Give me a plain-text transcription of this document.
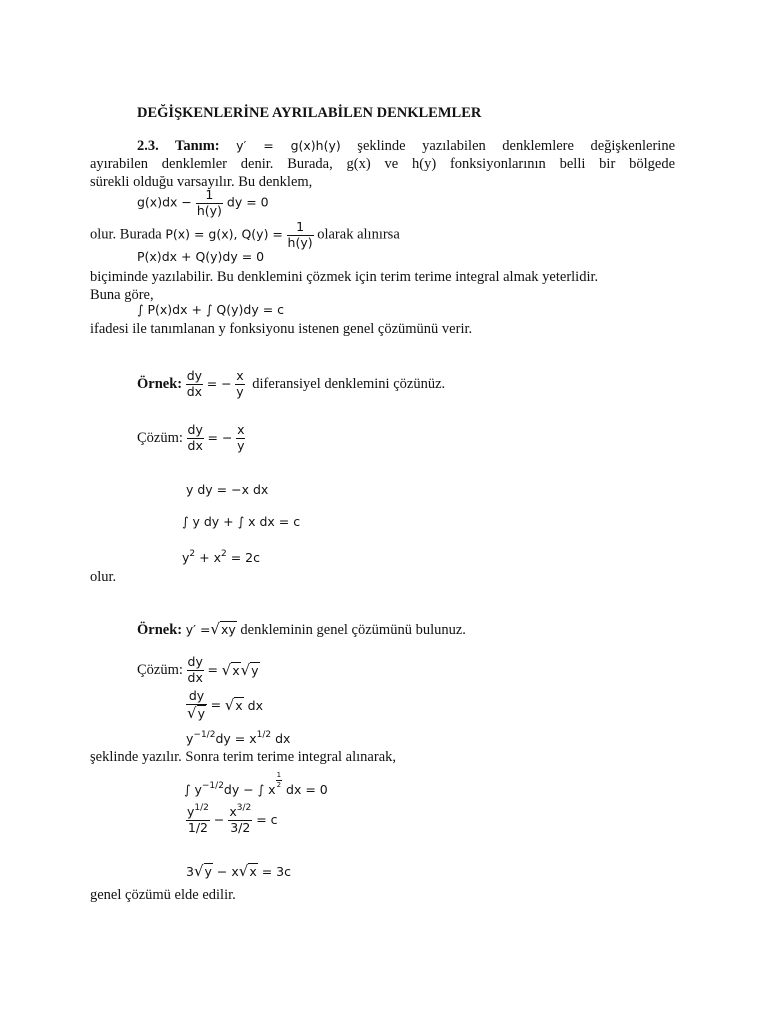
DEĞİŞKENLERİNE AYRILABİLEN DENKLEMLER
2.3. Tanım: y′ = g(x)h(y) şeklinde yazılabilen denklemlere değişkenlerine
ayırabilen denklemler denir. Burada, g(x) ve h(y) fonksiyonlarının belli bir bölgede
sürekli olduğu varsayılır. Bu denklem,
$g(x)dx - \frac{1}{h(y)}$ dy = 0
olur. Burada P(x) = g(x), $Q(y) = \frac{1}{h(y)}$ olarak alınırsa
P(x)dx + Q(y)dy = 0
biçiminde yazılabilir. Bu denklemini çözmek için terim terime integral almak yeterlidir.
Buna göre,
∫ P(x)dx + ∫ Q(y)dy = c
ifadesi ile tanımlanan y fonksiyonu istenen genel çözümünü verir.
Örnek: $\frac{dy}{dx}$ = − $\frac{x}{y}$ diferansiyel denklemini çözünüz.
Çözüm: $\frac{dy}{dx}$ = − $\frac{x}{y}$
y dy = −x dx
∫ y dy + ∫ x dx = c
$y^2 + x^2 = 2c$
olur.
Örnek: y′ =√xy denkleminin genel çözümünü bulunuz.
Çözüm: $\frac{dy}{dx} = √x√y$
$\frac{dy}{√y} = √x$ dx
$y^{-1/2}dy = x^{1/2}$ dx
şeklinde yazılır. Sonra terim terime integral alınarak,
∫ $y^{-1/2}dy$ − ∫ x
$\frac{1}{2}$
dx = 0
$\frac{y^{1/2}}{1/2} - \frac{x^{3/2}}{3/2} = c$
3√y − x√x = 3c
genel çözümü elde edilir.
